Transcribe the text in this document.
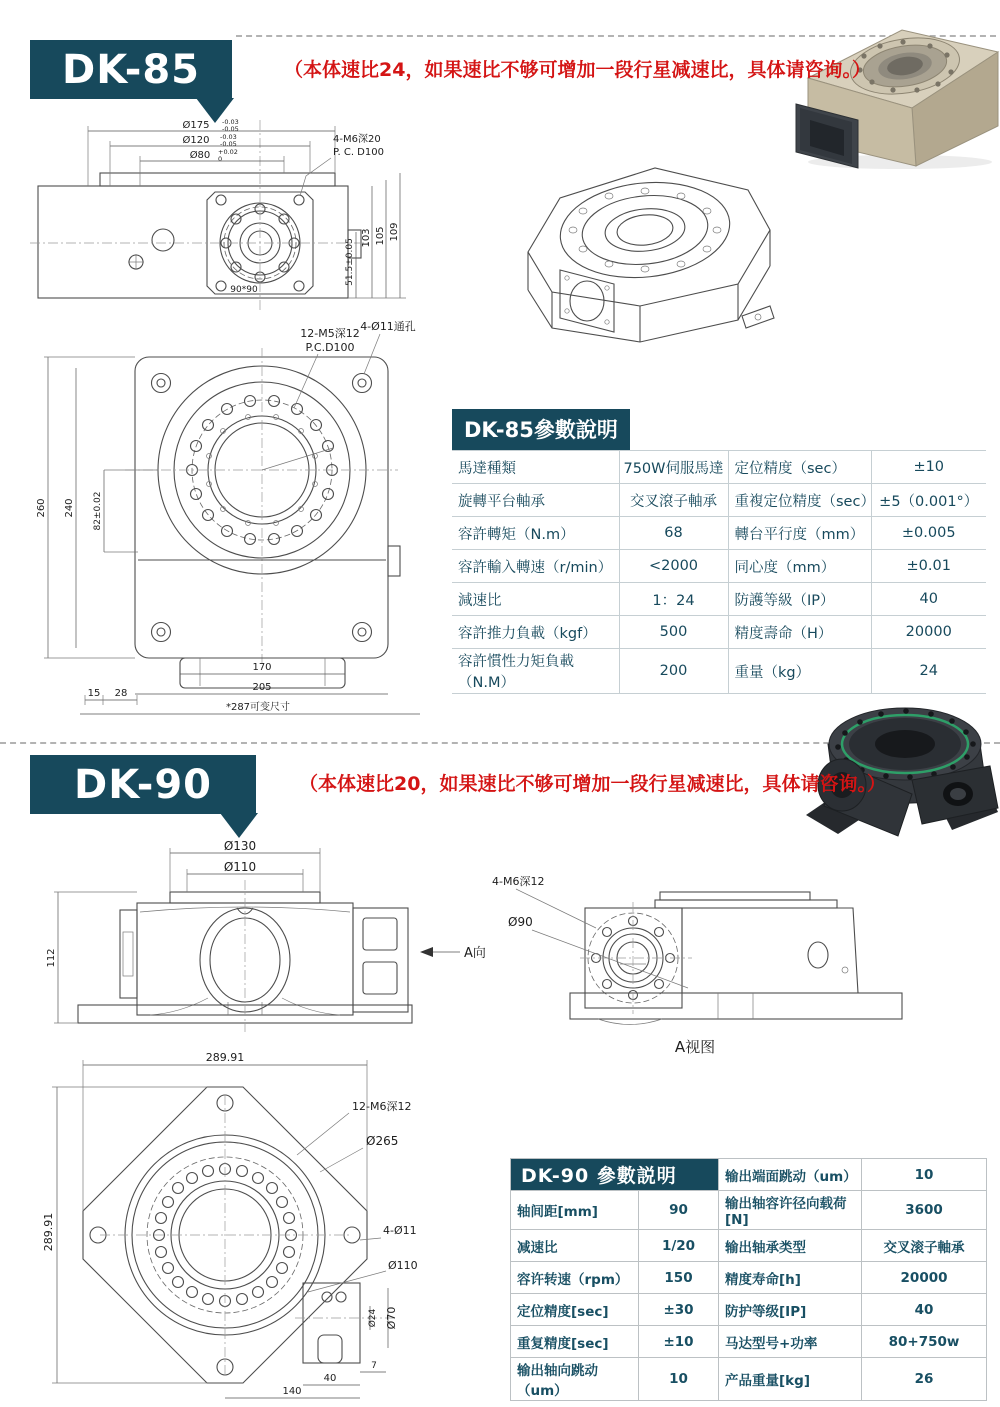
Ø175 -0.03
-0.05
Ø120 -0.03
-0.05
Ø80 +0.02
0
4-M6深20
P. C. D100
51.5±0.05
103 105 109
90*90
12-M5深12
P.C.D100
4-Ø11通孔
260 240 82±0.02
170
205
*287可变尺寸
15 28
Ø130
Ø110
112	A向
4-M6深12
Ø90
A视图
289.91
289.91
Ø24 Ø70
7
40
140
12-M6深12
Ø265
4-Ø11
Ø110
DK-85	（本体速比24，如果速比不够可增加一段行星减速比，具体请咨询。）
DK-85參數說明
馬達種類	750W伺服馬達	定位精度（sec）	±10
旋轉平台軸承	交叉滾子軸承	重複定位精度（sec）	±5（0.001°）
容許轉矩（N.m）	68	轉台平行度（mm）	±0.005
容許輸入轉速（r/min）	<2000	同心度（mm）	±0.01
減速比	1：24	防護等級（IP）	40
容許推力負載（kgf）	500	精度壽命（H）	20000
容許慣性力矩負載（N.M）	200	重量（kg）	24
DK-90	（本体速比20，如果速比不够可增加一段行星减速比，具体请咨询。）
DK-90 參數説明		输出端面跳动（um）	10
轴间距[mm]	90	输出轴容许径向载荷[N]	3600
减速比	1/20	输出轴承类型	交叉滚子軸承
容许转速（rpm）	150	精度寿命[h]	20000
定位精度[sec]	±30	防护等级[IP]	40
重复精度[sec]	±10	马达型号+功率	80+750w
输出轴向跳动（um）	10	产品重量[kg]	26
